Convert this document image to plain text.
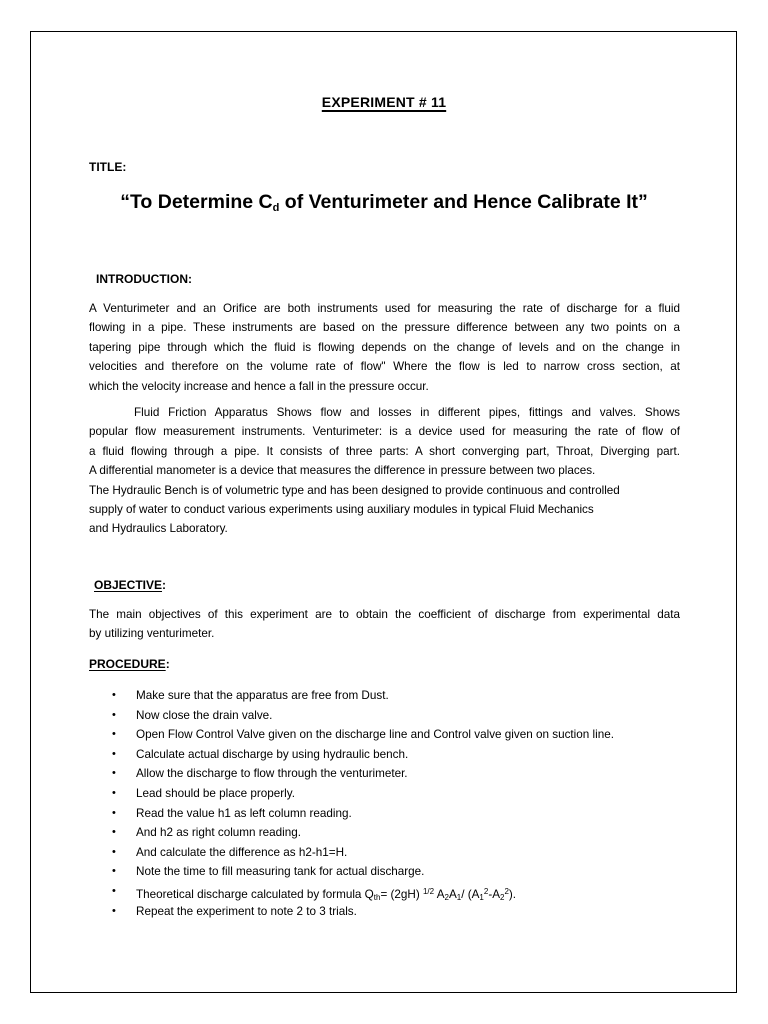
EXPERIMENT # 11
TITLE:
“To Determine $C_d$ of Venturimeter and Hence Calibrate It”
INTRODUCTION:
A Venturimeter and an Orifice are both instruments used for measuring the rate of discharge for a fluid
flowing in a pipe. These instruments are based on the pressure difference between any two points on a
tapering pipe through which the fluid is flowing depends on the change of levels and on the change in
velocities and therefore on the volume rate of flow" Where the flow is led to narrow cross section, at
which the velocity increase and hence a fall in the pressure occur.
Fluid Friction Apparatus Shows flow and losses in different pipes, fittings and valves. Shows
popular flow measurement instruments. Venturimeter: is a device used for measuring the rate of flow of
a fluid flowing through a pipe. It consists of three parts: A short converging part, Throat, Diverging part.
A differential manometer is a device that measures the difference in pressure between two places.
The Hydraulic Bench is of volumetric type and has been designed to provide continuous and controlled
supply of water to conduct various experiments using auxiliary modules in typical Fluid Mechanics
and Hydraulics Laboratory.
OBJECTIVE:
The main objectives of this experiment are to obtain the coefficient of discharge from experimental data
by utilizing venturimeter.
PROCEDURE:
• Make sure that the apparatus are free from Dust.
• Now close the drain valve.
• Open Flow Control Valve given on the discharge line and Control valve given on suction line.
• Calculate actual discharge by using hydraulic bench.
• Allow the discharge to flow through the venturimeter.
• Lead should be place properly.
• Read the value h1 as left column reading.
• And h2 as right column reading.
• And calculate the difference as h2-h1=H.
• Note the time to fill measuring tank for actual discharge.
• Theoretical discharge calculated by formula $Q_{th}= (2gH)$ $^{1/2}$ $A_2A_1/$ $(A_1^2-A_2^2)$.
• Repeat the experiment to note 2 to 3 trials.
